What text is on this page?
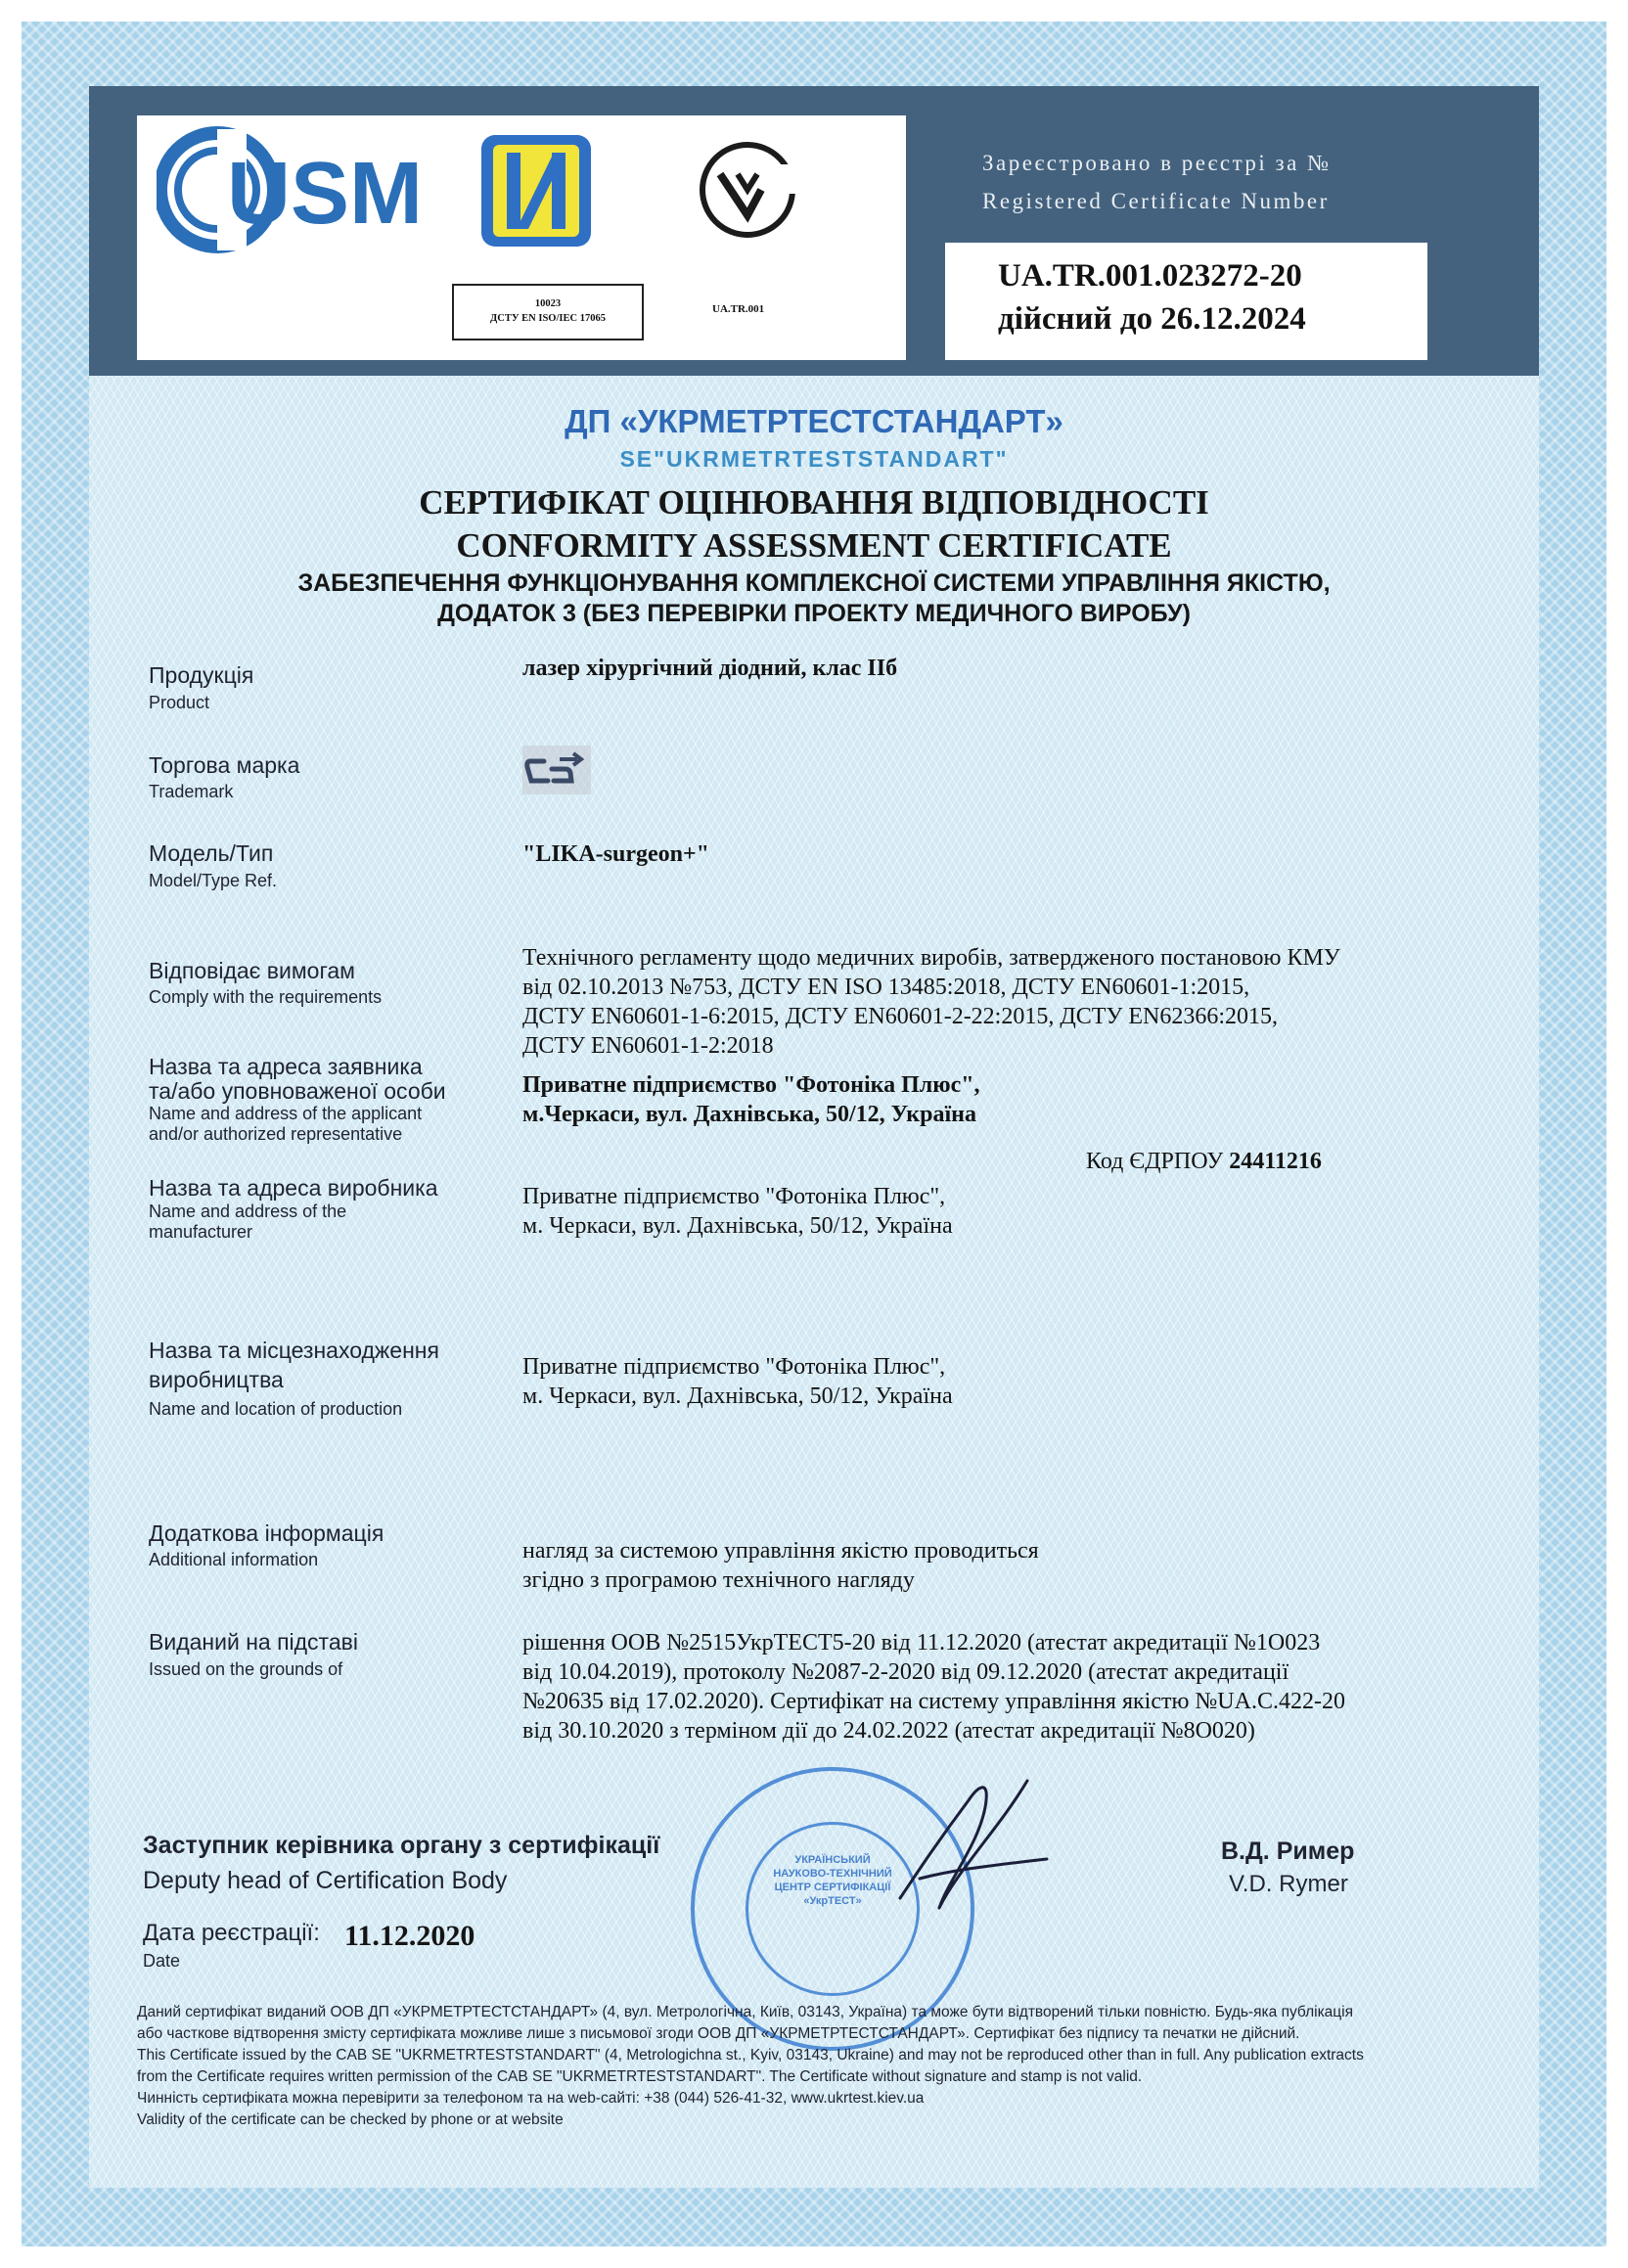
USM
10023
ДСТУ EN ISO/IEC 17065
UA.TR.001
Зареєстровано в реєстрі за №
Registered Certificate Number
UA.TR.001.023272-20
дійсний до 26.12.2024
ДП «УКРМЕТРТЕСТСТАНДАРТ»
SE"UKRMETRTESTSTANDART"
СЕРТИФІКАТ ОЦІНЮВАННЯ ВІДПОВІДНОСТІ
CONFORMITY ASSESSMENT CERTIFICATE
ЗАБЕЗПЕЧЕННЯ ФУНКЦІОНУВАННЯ КОМПЛЕКСНОЇ СИСТЕМИ УПРАВЛІННЯ ЯКІСТЮ,
ДОДАТОК 3 (БЕЗ ПЕРЕВІРКИ ПРОЕКТУ МЕДИЧНОГО ВИРОБУ)
Продукція
Product
лазер хірургічний діодний, клас ІІб
Торгова марка
Trademark
Модель/Тип
Model/Type Ref.
"LIKA-surgeon+"
Відповідає вимогам
Comply with the requirements
Технічного регламенту щодо медичних виробів, затвердженого постановою КМУ
від 02.10.2013 №753, ДСТУ EN ISO 13485:2018, ДСТУ EN60601-1:2015,
ДСТУ EN60601-1-6:2015, ДСТУ EN60601-2-22:2015, ДСТУ EN62366:2015,
ДСТУ EN60601-1-2:2018
Назва та адреса заявника
та/або уповноваженої особи
Name and address of the applicant
and/or authorized representative
Приватне підприємство "Фотоніка Плюс",
м.Черкаси, вул. Дахнівська, 50/12, Україна
Код ЄДРПОУ 24411216
Назва та адреса виробника
Name and address of the
manufacturer
Приватне підприємство "Фотоніка Плюс",
м. Черкаси, вул. Дахнівська, 50/12, Україна
Назва та місцезнаходження
виробництва
Name and location of production
Приватне підприємство "Фотоніка Плюс",
м. Черкаси, вул. Дахнівська, 50/12, Україна
Додаткова інформація
Additional information	нагляд за системою управління якістю проводиться
згідно з програмою технічного нагляду
Виданий на підставі
Issued on the grounds of
рішення ООВ №2515УкрТЕСТ5-20 від 11.12.2020 (атестат акредитації №1О023
від 10.04.2019), протоколу №2087-2-2020 від 09.12.2020 (атестат акредитації
№20635 від 17.02.2020). Сертифікат на систему управління якістю №UA.C.422-20
від 30.10.2020 з терміном дії до 24.02.2022 (атестат акредитації №8О020)
УКРАЇНСЬКИЙ
НАУКОВО-ТЕХНІЧНИЙ
ЦЕНТР СЕРТИФІКАЦІЇ
«УкрТЕСТ»
Заступник керівника органу з сертифікації
Deputy head of Certification Body
В.Д. Ример
V.D. Rymer
Дата реєстрації:
Date
11.12.2020
Даний сертифікат виданий ООВ ДП «УКРМЕТРТЕСТСТАНДАРТ» (4, вул. Метрологічна, Київ, 03143, Україна) та може бути відтворений тільки повністю. Будь-яка публікація
або часткове відтворення змісту сертифіката можливе лише з письмової згоди ООВ ДП «УКРМЕТРТЕСТСТАНДАРТ». Сертифікат без підпису та печатки не дійсний.
This Certificate issued by the CAB SE "UKRMETRTESTSTANDART" (4, Metrologichna st., Kyiv, 03143, Ukraine) and may not be reproduced other than in full. Any publication extracts
from the Certificate requires written permission of the CAB SE "UKRMETRTESTSTANDART". The Certificate without signature and stamp is not valid.
Чинність сертифіката можна перевірити за телефоном та на web-сайті: +38 (044) 526-41-32, www.ukrtest.kiev.ua
Validity of the certificate can be checked by phone or at website
